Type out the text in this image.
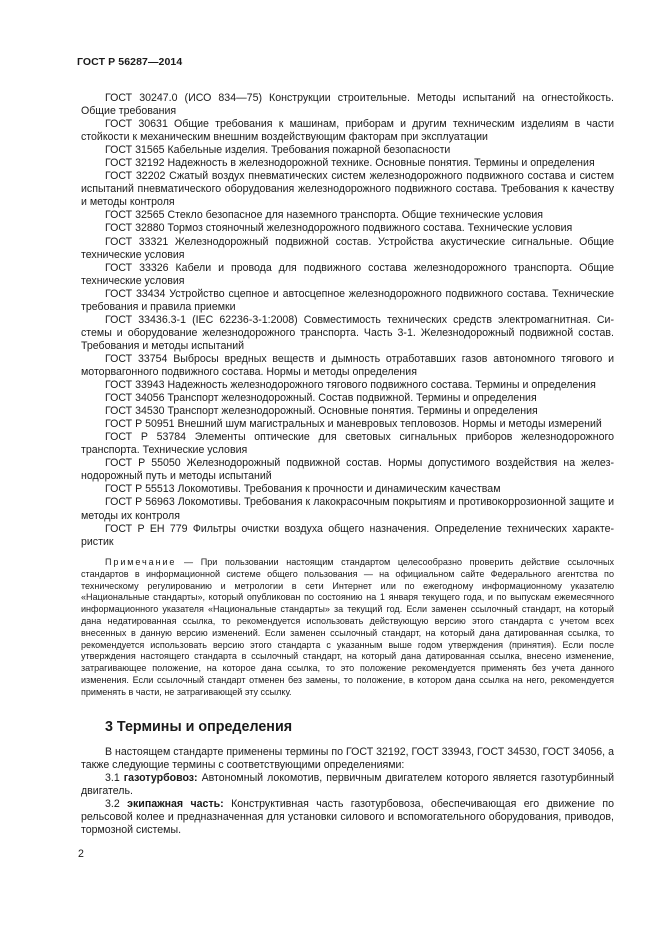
ГОСТ Р 56287—2014

ГОСТ 30247.0 (ИСО 834—75) Конструкции строительные. Методы испытаний на огнестойкость. Общие требования

ГОСТ 30631 Общие требования к машинам, приборам и другим техническим изделиям в части стойкости к механическим внешним воздействующим факторам при эксплуатации

ГОСТ 31565 Кабельные изделия. Требования пожарной безопасности

ГОСТ 32192 Надежность в железнодорожной технике. Основные понятия. Термины и определения

ГОСТ 32202 Сжатый воздух пневматических систем железнодорожного подвижного состава и систем испытаний пневматического оборудования железнодорожного подвижного состава. Требования к качеству и методы контроля

ГОСТ 32565 Стекло безопасное для наземного транспорта. Общие технические условия

ГОСТ 32880 Тормоз стояночный железнодорожного подвижного состава. Технические условия

ГОСТ 33321 Железнодорожный подвижной состав. Устройства акустические сигнальные. Общие технические условия

ГОСТ 33326 Кабели и провода для подвижного состава железнодорожного транспорта. Общие технические условия

ГОСТ 33434 Устройство сцепное и автосцепное железнодорожного подвижного состава. Технические требования и правила приемки

ГОСТ 33436.3-1 (IEC 62236-3-1:2008) Совместимость технических средств электромагнитная. Системы и оборудование железнодорожного транспорта. Часть 3-1. Железнодорожный подвижной состав. Требования и методы испытаний

ГОСТ 33754 Выбросы вредных веществ и дымность отработавших газов автономного тягового и моторвагонного подвижного состава. Нормы и методы определения

ГОСТ 33943 Надежность железнодорожного тягового подвижного состава. Термины и определения

ГОСТ 34056 Транспорт железнодорожный. Состав подвижной. Термины и определения

ГОСТ 34530 Транспорт железнодорожный. Основные понятия. Термины и определения

ГОСТ Р 50951 Внешний шум магистральных и маневровых тепловозов. Нормы и методы измерений

ГОСТ Р 53784 Элементы оптические для световых сигнальных приборов железнодорожного транспорта. Технические условия

ГОСТ Р 55050 Железнодорожный подвижной состав. Нормы допустимого воздействия на железнодорожный путь и методы испытаний

ГОСТ Р 55513 Локомотивы. Требования к прочности и динамическим качествам

ГОСТ Р 56963 Локомотивы. Требования к лакокрасочным покрытиям и противокоррозионной защите и методы их контроля

ГОСТ Р ЕН 779 Фильтры очистки воздуха общего назначения. Определение технических характеристик

Примечание — При пользовании настоящим стандартом целесообразно проверить действие ссылочных стандартов в информационной системе общего пользования — на официальном сайте Федерального агентства по техническому регулированию и метрологии в сети Интернет или по ежегодному информационному указателю «Национальные стандарты», который опубликован по состоянию на 1 января текущего года, и по выпускам ежемесячного информационного указателя «Национальные стандарты» за текущий год. Если заменен ссылочный стандарт, на который дана недатированная ссылка, то рекомендуется использовать действующую версию этого стандарта с учетом всех внесенных в данную версию изменений. Если заменен ссылочный стандарт, на который дана датированная ссылка, то рекомендуется использовать версию этого стандарта с указанным выше годом утверждения (принятия). Если после утверждения настоящего стандарта в ссылочный стандарт, на который дана датированная ссылка, внесено изменение, затрагивающее положение, на которое дана ссылка, то это положение рекомендуется применять без учета данного изменения. Если ссылочный стандарт отменен без замены, то положение, в котором дана ссылка на него, рекомендуется применять в части, не затрагивающей эту ссылку.

3 Термины и определения

В настоящем стандарте применены термины по ГОСТ 32192, ГОСТ 33943, ГОСТ 34530, ГОСТ 34056, а также следующие термины с соответствующими определениями:

3.1 газотурбовоз: Автономный локомотив, первичным двигателем которого является газотурбинный двигатель.

3.2 экипажная часть: Конструктивная часть газотурбовоза, обеспечивающая его движение по рельсовой колее и предназначенная для установки силового и вспомогательного оборудования, приводов, тормозной системы.

2
